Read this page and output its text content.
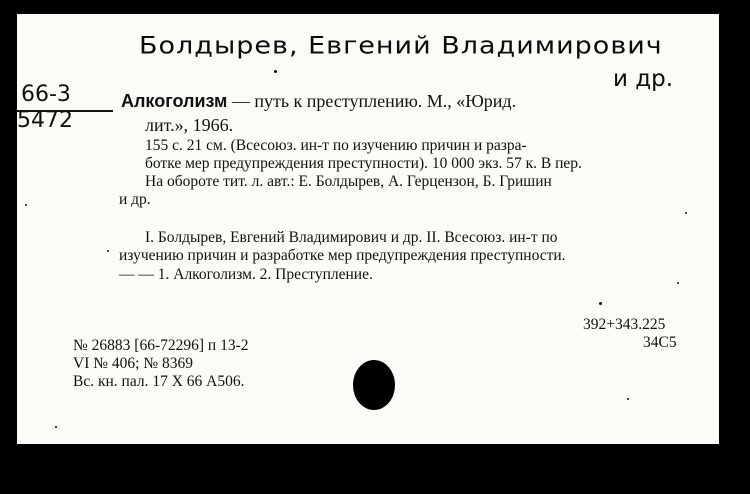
Болдырев, Евгений Владимирович
и др.
66-3
5472
Алкоголизм — путь к преступлению. М., «Юрид.
лит.», 1966.
155 с. 21 см. (Всесоюз. ин-т по изучению причин и разра-
ботке мер предупреждения преступности). 10 000 экз. 57 к. В пер.
На обороте тит. л. авт.: Е. Болдырев, А. Герцензон, Б. Гришин
и др.
I. Болдырев, Евгений Владимирович и др. II. Всесоюз. ин-т по
изучению причин и разработке мер предупреждения преступности.
— — 1. Алкоголизм. 2. Преступление.
392+343.225
34С5
№ 26883 [66-72296] п 13-2
VI № 406; № 8369
Вс. кн. пал. 17 X 66 А506.
